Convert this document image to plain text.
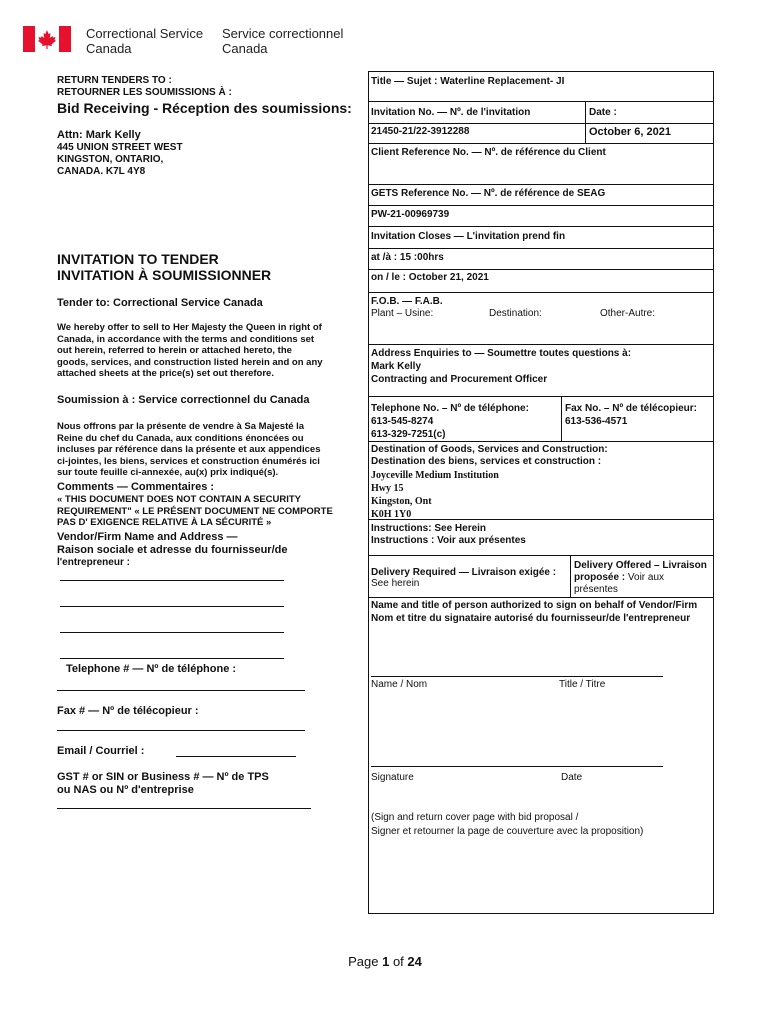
Correctional Service
Canada
Service correctionnel
Canada
RETURN TENDERS TO :
RETOURNER LES SOUMISSIONS À :
Bid Receiving - Réception des soumissions:
Attn: Mark Kelly
445 UNION STREET WEST
KINGSTON, ONTARIO,
CANADA. K7L 4Y8
INVITATION TO TENDER
INVITATION À SOUMISSIONNER
Tender to: Correctional Service Canada
We hereby offer to sell to Her Majesty the Queen in right of
Canada, in accordance with the terms and conditions set
out herein, referred to herein or attached hereto, the
goods, services, and construction listed herein and on any
attached sheets at the price(s) set out therefore.
Soumission à : Service correctionnel du Canada
Nous offrons par la présente de vendre à Sa Majesté la
Reine du chef du Canada, aux conditions énoncées ou
incluses par référence dans la présente et aux appendices
ci-jointes, les biens, services et construction énumérés ici
sur toute feuille ci-annexée, au(x) prix indiqué(s).
Comments — Commentaires :
« THIS DOCUMENT DOES NOT CONTAIN A SECURITY
REQUIREMENT" « LE PRÉSENT DOCUMENT NE COMPORTE
PAS D' EXIGENCE RELATIVE À LA SÉCURITÉ »
Vendor/Firm Name and Address —
Raison sociale et adresse du fournisseur/de
l'entrepreneur :
Telephone # — Nº de téléphone :
Fax # — Nº de télécopieur :
Email / Courriel :
GST # or SIN or Business # — Nº de TPS
ou NAS ou Nº d'entreprise
Title — Sujet : Waterline Replacement- JI
Invitation No. — Nº. de l'invitation	Date :
21450-21/22-3912288	October 6, 2021
Client Reference No. — Nº. de référence du Client
GETS Reference No. — Nº. de référence de SEAG
PW-21-00969739
Invitation Closes — L'invitation prend fin
at /à : 15 :00hrs
on / le : October 21, 2021
F.O.B. — F.A.B.
Plant – Usine:	Destination:	Other-Autre:
Address Enquiries to — Soumettre toutes questions à:
Mark Kelly
Contracting and Procurement Officer
Telephone No. – Nº de téléphone:
613-545-8274
613-329-7251(c)
Fax No. – Nº de télécopieur:
613-536-4571
Destination of Goods, Services and Construction:
Destination des biens, services et construction :
Joyceville Medium Institution
Hwy 15
Kingston, Ont
K0H 1Y0
Instructions: See Herein
Instructions : Voir aux présentes
Delivery Required — Livraison exigée :
See herein
Delivery Offered – Livraison
proposée : Voir aux
présentes
Name and title of person authorized to sign on behalf of Vendor/Firm
Nom et titre du signataire autorisé du fournisseur/de l'entrepreneur
Name / Nom	Title / Titre
Signature	Date
(Sign and return cover page with bid proposal /
Signer et retourner la page de couverture avec la proposition)
Page 1 of 24
